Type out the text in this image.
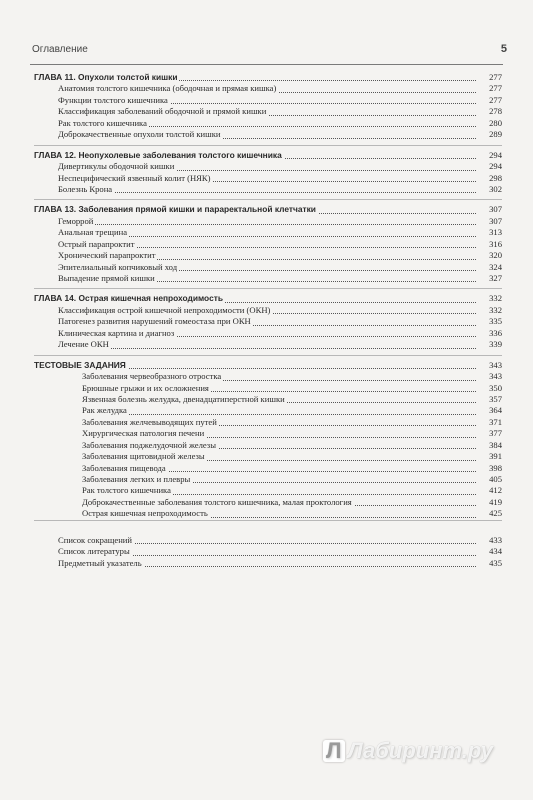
Оглавление	5
ГЛАВА 11. Опухоли толстой кишки	277
Анатомия толстого кишечника (ободочная и прямая кишка)	277
Функции толстого кишечника	277
Классификация заболеваний ободочной и прямой кишки	278
Рак толстого кишечника	280
Доброкачественные опухоли толстой кишки	289
ГЛАВА 12. Неопухолевые заболевания толстого кишечника	294
Дивертикулы ободочной кишки	294
Неспецифический язвенный колит (НЯК)	298
Болезнь Крона	302
ГЛАВА 13. Заболевания прямой кишки и параректальной клетчатки	307
Геморрой	307
Анальная трещина	313
Острый парапроктит	316
Хронический парапроктит	320
Эпителиальный копчиковый ход	324
Выпадение прямой кишки	327
ГЛАВА 14. Острая кишечная непроходимость	332
Классификация острой кишечной непроходимости (ОКН)	332
Патогенез развития нарушений гомеостаза при ОКН	335
Клиническая картина и диагноз	336
Лечение ОКН	339
ТЕСТОВЫЕ ЗАДАНИЯ	343
Заболевания червеобразного отростка	343
Брюшные грыжи и их осложнения	350
Язвенная болезнь желудка, двенадцатиперстной кишки	357
Рак желудка	364
Заболевания желчевыводящих путей	371
Хирургическая патология печени	377
Заболевания поджелудочной железы	384
Заболевания щитовидной железы	391
Заболевания пищевода	398
Заболевания легких и плевры	405
Рак толстого кишечника	412
Доброкачественные заболевания толстого кишечника, малая проктология	419
Острая кишечная непроходимость	425
Список сокращений	433
Список литературы	434
Предметный указатель	435
Л Лабиринт.ру
